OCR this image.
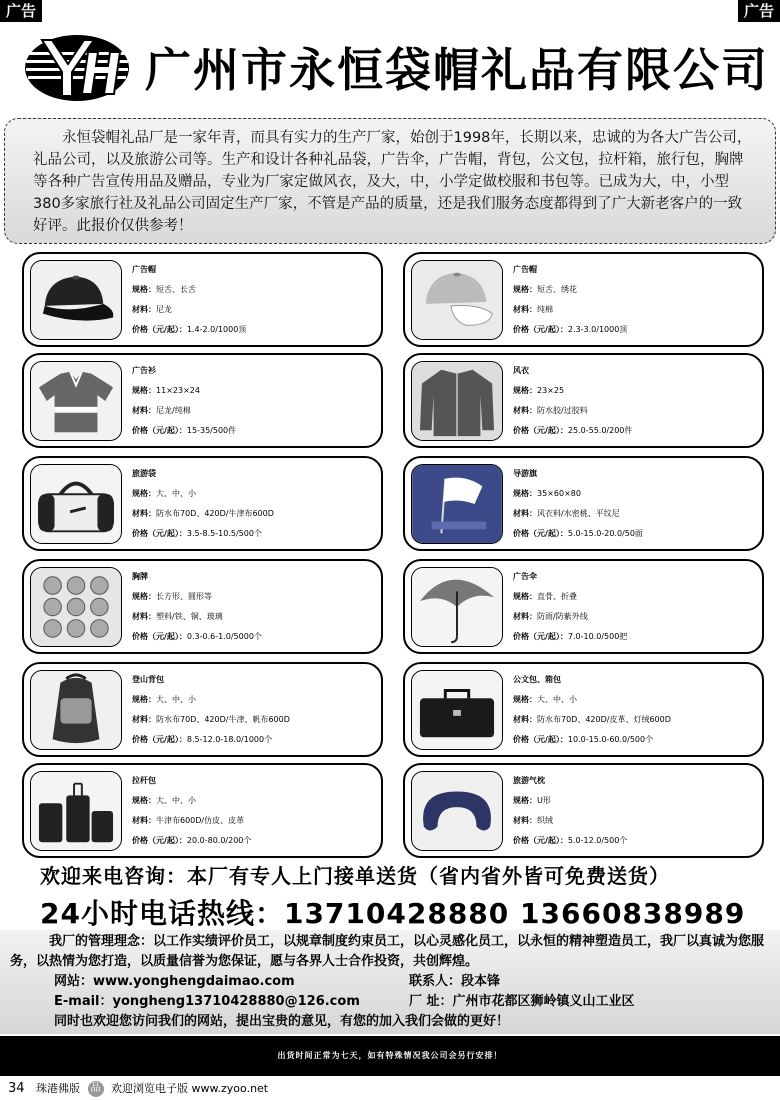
广告	广告
广州市永恒袋帽礼品有限公司

永恒袋帽礼品厂是一家年青，而具有实力的生产厂家，始创于1998年，长期以来，忠诚的为各大广告公司，礼品公司，以及旅游公司等。生产和设计各种礼品袋，广告伞，广告帽，背包，公文包，拉杆箱，旅行包，胸牌等各种广告宣传用品及赠品，专业为厂家定做风衣，及大，中，小学定做校服和书包等。已成为大，中，小型380多家旅行社及礼品公司固定生产厂家，不管是产品的质量，还是我们服务态度都得到了广大新老客户的一致好评。此报价仅供参考！

广告帽
规格：短舌、长舌
材料：尼龙
价格（元/起）：1.4-2.0/1000顶
广告帽
规格：短舌、绣花
材料：纯棉
价格（元/起）：2.3-3.0/1000顶
广告衫
规格：11×23×24
材料：尼龙/纯棉
价格（元/起）：15-35/500件
风衣
规格：23×25
材料：防水胶/过胶料
价格（元/起）：25.0-55.0/200件
旅游袋
规格：大、中、小
材料：防水布70D、420D/牛津布600D
价格（元/起）：3.5-8.5-10.5/500个
导游旗
规格：35×60×80
材料：风衣料/水密桃、平纹尼
价格（元/起）：5.0-15.0-20.0/50面
胸牌
规格：长方形、圆形等
材料：塑料/铁、铜、玻璃
价格（元/起）：0.3-0.6-1.0/5000个
广告伞
规格：直骨、折叠
材料：防雨/防紫外线
价格（元/起）：7.0-10.0/500把
登山背包
规格：大、中、小
材料：防水布70D、420D/牛津、帆布600D
价格（元/起）：8.5-12.0-18.0/1000个
公文包、箱包
规格：大、中、小
材料：防水布70D、420D/皮革、灯绒600D
价格（元/起）：10.0-15.0-60.0/500个
拉杆包
规格：大、中、小
材料：牛津布600D/仿皮、皮革
价格（元/起）：20.0-80.0/200个
旅游气枕
规格：U形
材料：织绒
价格（元/起）：5.0-12.0/500个
欢迎来电咨询：本厂有专人上门接单送货（省内省外皆可免费送货）
24小时电话热线：13710428880 13660838989
我厂的管理理念：以工作实绩评价员工，以规章制度约束员工，以心灵感化员工，以永恒的精神塑造员工，我厂以真诚为您服务，以热情为您打造，以质量信誉为您保证，愿与各界人士合作投资，共创辉煌。
网站：www.yonghengdaimao.com	联系人：段本锋
E-mail：yongheng13710428880@126.com	厂 址：广州市花都区狮岭镇义山工业区
同时也欢迎您访问我们的网站，提出宝贵的意见，有您的加入我们会做的更好！
出货时间正常为七天，如有特殊情况我公司会另行安排！
34 珠港佛版 品 欢迎浏览电子版 www.zyoo.net
